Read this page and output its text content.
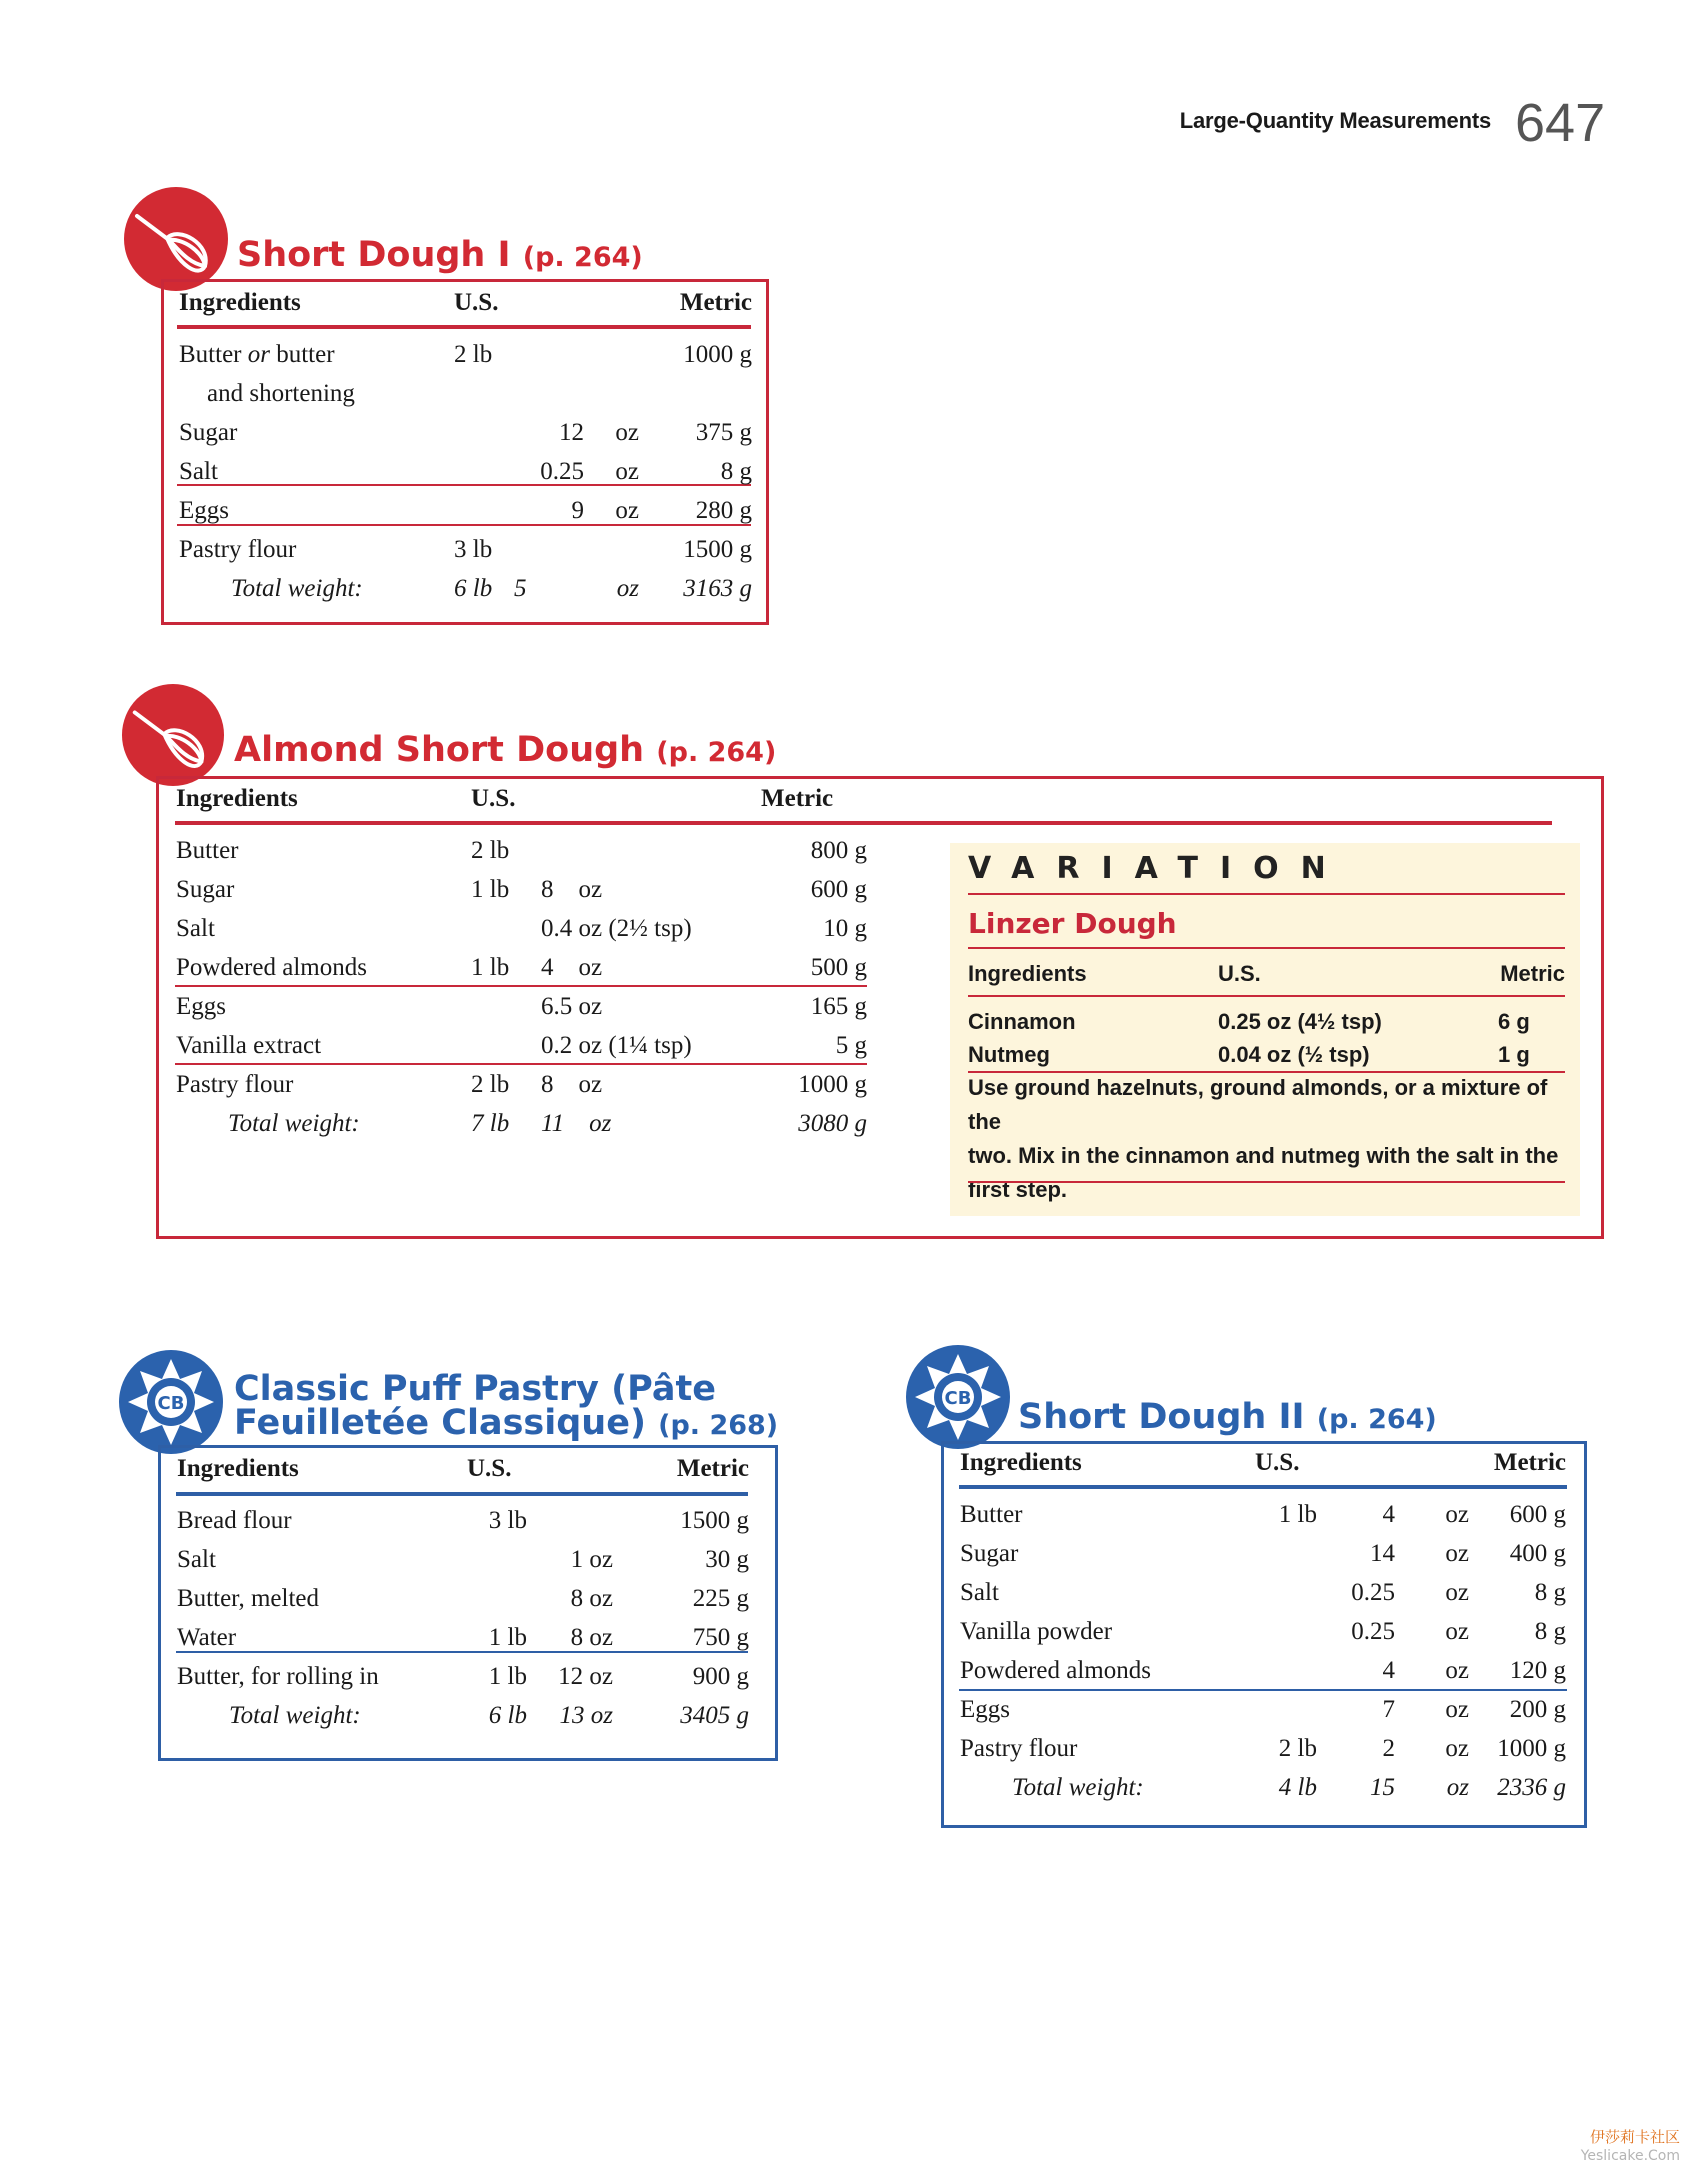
Large-Quantity Measurements 647
Short Dough I (p. 264)
Ingredients	U.S.			Metric
Butter or butter	2 lb			1000 g
and shortening				
Sugar		12	oz	375 g
Salt		0.25	oz	8 g
Eggs		9	oz	280 g
Pastry flour	3 lb			1500 g
Total weight:	6 lb	5	oz	3163 g
Almond Short Dough (p. 264)
Ingredients	U.S.		Metric
Butter	2 lb		800 g
Sugar	1 lb	8    oz	600 g
Salt		0.4 oz (2½ tsp)	10 g
Powdered almonds	1 lb	4    oz	500 g
Eggs		6.5 oz	165 g
Vanilla extract		0.2 oz (1¼ tsp)	5 g
Pastry flour	2 lb	8    oz	1000 g
Total weight:	7 lb	11    oz	3080 g
VARIATION
Linzer Dough
Ingredients	U.S.	Metric
Cinnamon	0.25 oz (4½ tsp)	6 g
Nutmeg	0.04 oz (½ tsp)	1 g
Use ground hazelnuts, ground almonds, or a mixture of the
two. Mix in the cinnamon and nutmeg with the salt in the
first step.
CB Classic Puff Pastry (Pâte
Feuilletée Classique) (p. 268)
Ingredients	U.S.		Metric
Bread flour	3 lb		1500 g
Salt		1 oz	30 g
Butter, melted		8 oz	225 g
Water	1 lb	8 oz	750 g
Butter, for rolling in	1 lb	12 oz	900 g
Total weight:	6 lb	13 oz	3405 g
CB Short Dough II (p. 264)
Ingredients	U.S.			Metric
Butter	1 lb	4	oz	600 g
Sugar		14	oz	400 g
Salt		0.25	oz	8 g
Vanilla powder		0.25	oz	8 g
Powdered almonds		4	oz	120 g
Eggs		7	oz	200 g
Pastry flour	2 lb	2	oz	1000 g
Total weight:	4 lb	15	oz	2336 g
伊莎莉卡社区
Yeslicake.Com
